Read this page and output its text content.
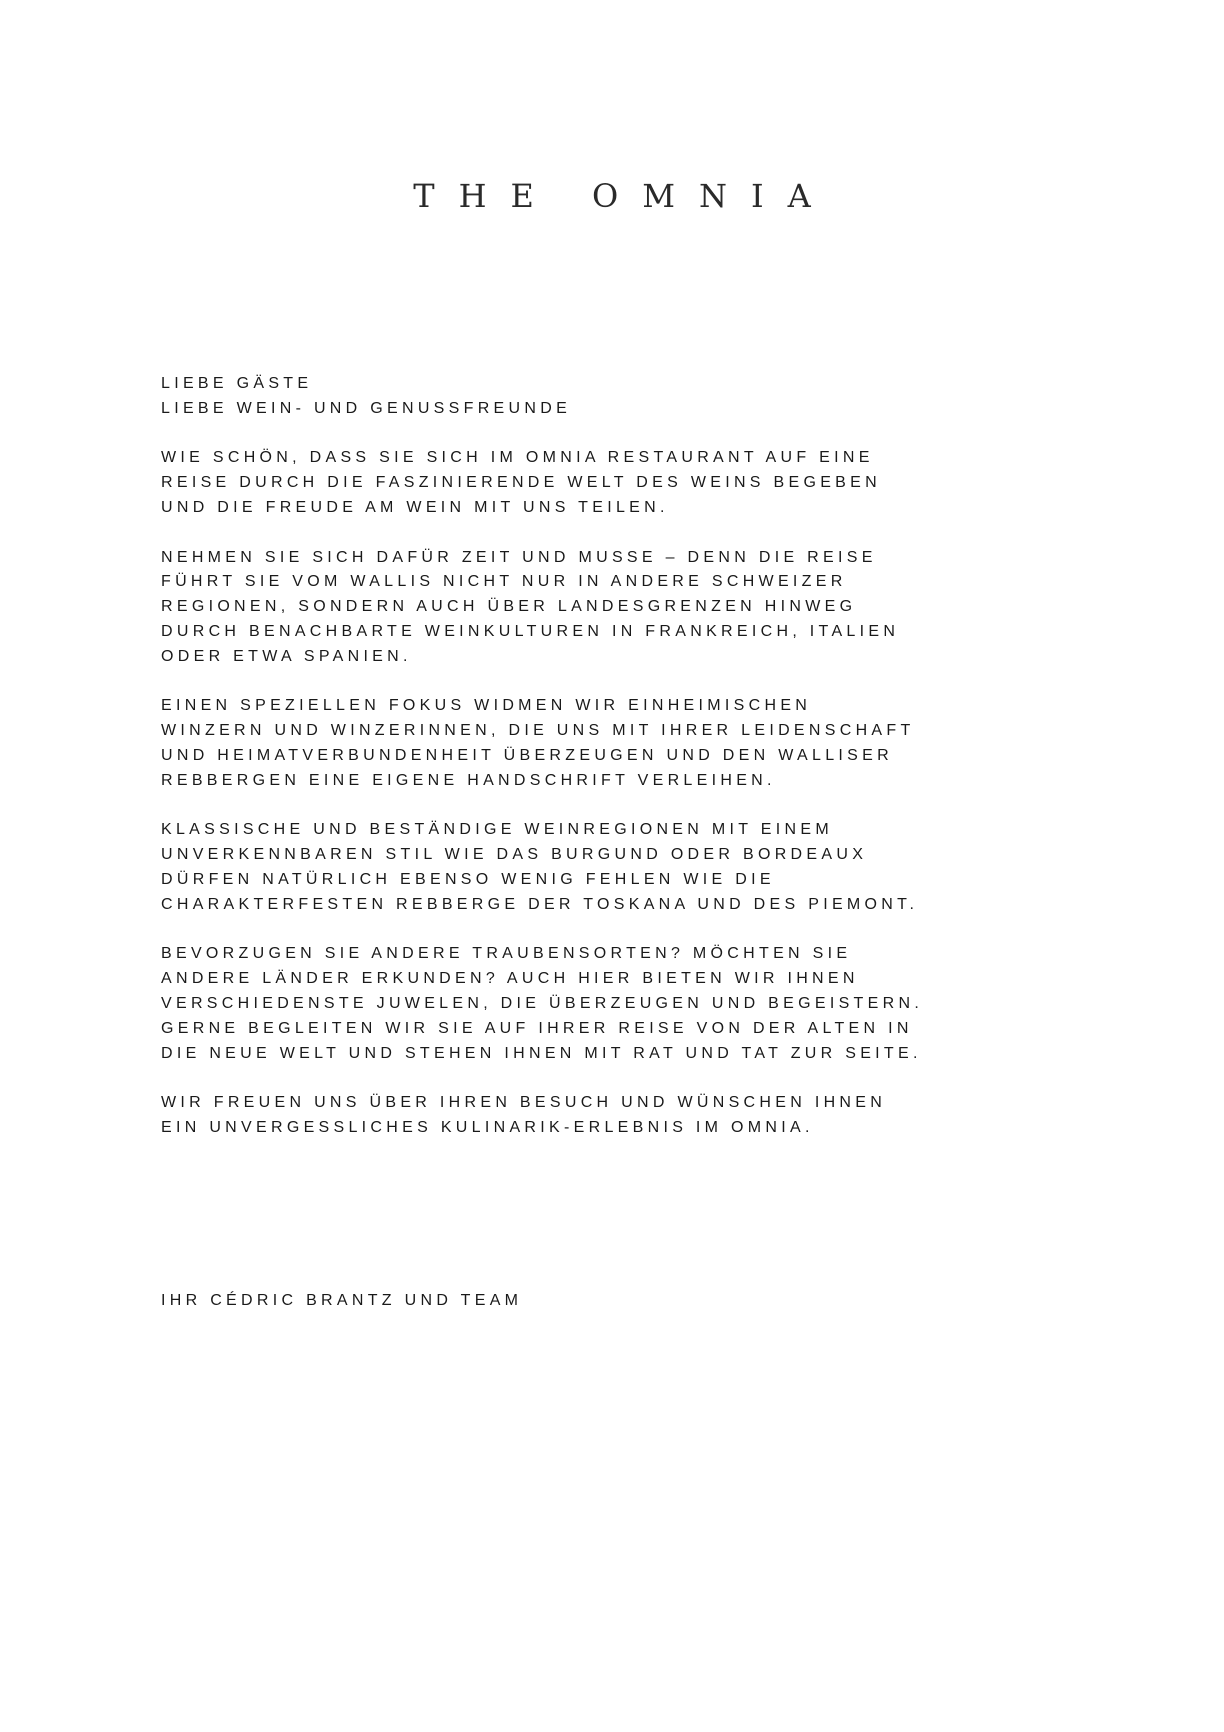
THE OMNIA

LIEBE GÄSTE
LIEBE WEIN- UND GENUSSFREUNDE

WIE SCHÖN, DASS SIE SICH IM OMNIA RESTAURANT AUF EINE
REISE DURCH DIE FASZINIERENDE WELT DES WEINS BEGEBEN
UND DIE FREUDE AM WEIN MIT UNS TEILEN.

NEHMEN SIE SICH DAFÜR ZEIT UND MUSSE – DENN DIE REISE
FÜHRT SIE VOM WALLIS NICHT NUR IN ANDERE SCHWEIZER
REGIONEN, SONDERN AUCH ÜBER LANDESGRENZEN HINWEG
DURCH BENACHBARTE WEINKULTUREN IN FRANKREICH, ITALIEN
ODER ETWA SPANIEN.

EINEN SPEZIELLEN FOKUS WIDMEN WIR EINHEIMISCHEN
WINZERN UND WINZERINNEN, DIE UNS MIT IHRER LEIDENSCHAFT
UND HEIMATVERBUNDENHEIT ÜBERZEUGEN UND DEN WALLISER
REBBERGEN EINE EIGENE HANDSCHRIFT VERLEIHEN.

KLASSISCHE UND BESTÄNDIGE WEINREGIONEN MIT EINEM
UNVERKENNBAREN STIL WIE DAS BURGUND ODER BORDEAUX
DÜRFEN NATÜRLICH EBENSO WENIG FEHLEN WIE DIE
CHARAKTERFESTEN REBBERGE DER TOSKANA UND DES PIEMONT.

BEVORZUGEN SIE ANDERE TRAUBENSORTEN? MÖCHTEN SIE
ANDERE LÄNDER ERKUNDEN? AUCH HIER BIETEN WIR IHNEN
VERSCHIEDENSTE JUWELEN, DIE ÜBERZEUGEN UND BEGEISTERN.
GERNE BEGLEITEN WIR SIE AUF IHRER REISE VON DER ALTEN IN
DIE NEUE WELT UND STEHEN IHNEN MIT RAT UND TAT ZUR SEITE.

WIR FREUEN UNS ÜBER IHREN BESUCH UND WÜNSCHEN IHNEN
EIN UNVERGESSLICHES KULINARIK-ERLEBNIS IM OMNIA.

IHR CÉDRIC BRANTZ UND TEAM
